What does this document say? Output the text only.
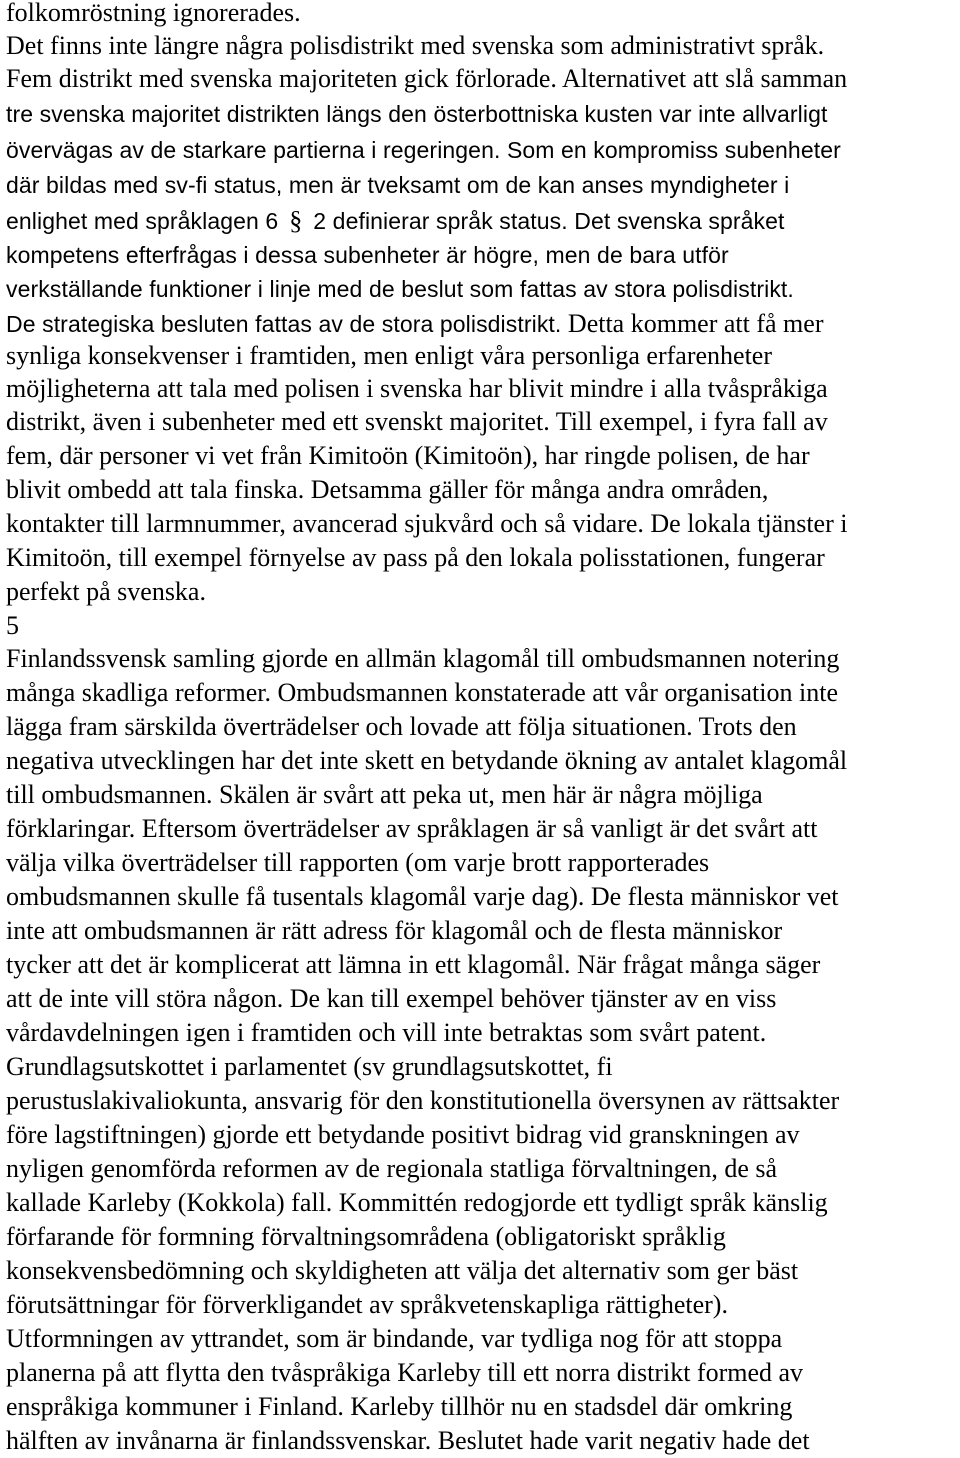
folkomröstning ignorerades.
Det finns inte längre några polisdistrikt med svenska som administrativt språk.
Fem distrikt med svenska majoriteten gick förlorade. Alternativet att slå samman
tre svenska majoritet distrikten längs den österbottniska kusten var inte allvarligt
övervägas av de starkare partierna i regeringen. Som en kompromiss subenheter
där bildas med sv-fi status, men är tveksamt om de kan anses myndigheter i
enlighet med språklagen 6 § 2 definierar språk status. Det svenska språket
kompetens efterfrågas i dessa subenheter är högre, men de bara utför
verkställande funktioner i linje med de beslut som fattas av stora polisdistrikt.
De strategiska besluten fattas av de stora polisdistrikt. Detta kommer att få mer
synliga konsekvenser i framtiden, men enligt våra personliga erfarenheter
möjligheterna att tala med polisen i svenska har blivit mindre i alla tvåspråkiga
distrikt, även i subenheter med ett svenskt majoritet. Till exempel, i fyra fall av
fem, där personer vi vet från Kimitoön (Kimitoön), har ringde polisen, de har
blivit ombedd att tala finska. Detsamma gäller för många andra områden,
kontakter till larmnummer, avancerad sjukvård och så vidare. De lokala tjänster i
Kimitoön, till exempel förnyelse av pass på den lokala polisstationen, fungerar
perfekt på svenska.
5
Finlandssvensk samling gjorde en allmän klagomål till ombudsmannen notering
många skadliga reformer. Ombudsmannen konstaterade att vår organisation inte
lägga fram särskilda överträdelser och lovade att följa situationen. Trots den
negativa utvecklingen har det inte skett en betydande ökning av antalet klagomål
till ombudsmannen. Skälen är svårt att peka ut, men här är några möjliga
förklaringar. Eftersom överträdelser av språklagen är så vanligt är det svårt att
välja vilka överträdelser till rapporten (om varje brott rapporterades
ombudsmannen skulle få tusentals klagomål varje dag). De flesta människor vet
inte att ombudsmannen är rätt adress för klagomål och de flesta människor
tycker att det är komplicerat att lämna in ett klagomål. När frågat många säger
att de inte vill störa någon. De kan till exempel behöver tjänster av en viss
vårdavdelningen igen i framtiden och vill inte betraktas som svårt patent.
Grundlagsutskottet i parlamentet (sv grundlagsutskottet, fi
perustuslakivaliokunta, ansvarig för den konstitutionella översynen av rättsakter
före lagstiftningen) gjorde ett betydande positivt bidrag vid granskningen av
nyligen genomförda reformen av de regionala statliga förvaltningen, de så
kallade Karleby (Kokkola) fall. Kommittén redogjorde ett tydligt språk känslig
förfarande för formning förvaltningsområdena (obligatoriskt språklig
konsekvensbedömning och skyldigheten att välja det alternativ som ger bäst
förutsättningar för förverkligandet av språkvetenskapliga rättigheter).
Utformningen av yttrandet, som är bindande, var tydliga nog för att stoppa
planerna på att flytta den tvåspråkiga Karleby till ett norra distrikt formed av
enspråkiga kommuner i Finland. Karleby tillhör nu en stadsdel där omkring
hälften av invånarna är finlandssvenskar. Beslutet hade varit negativ hade det
